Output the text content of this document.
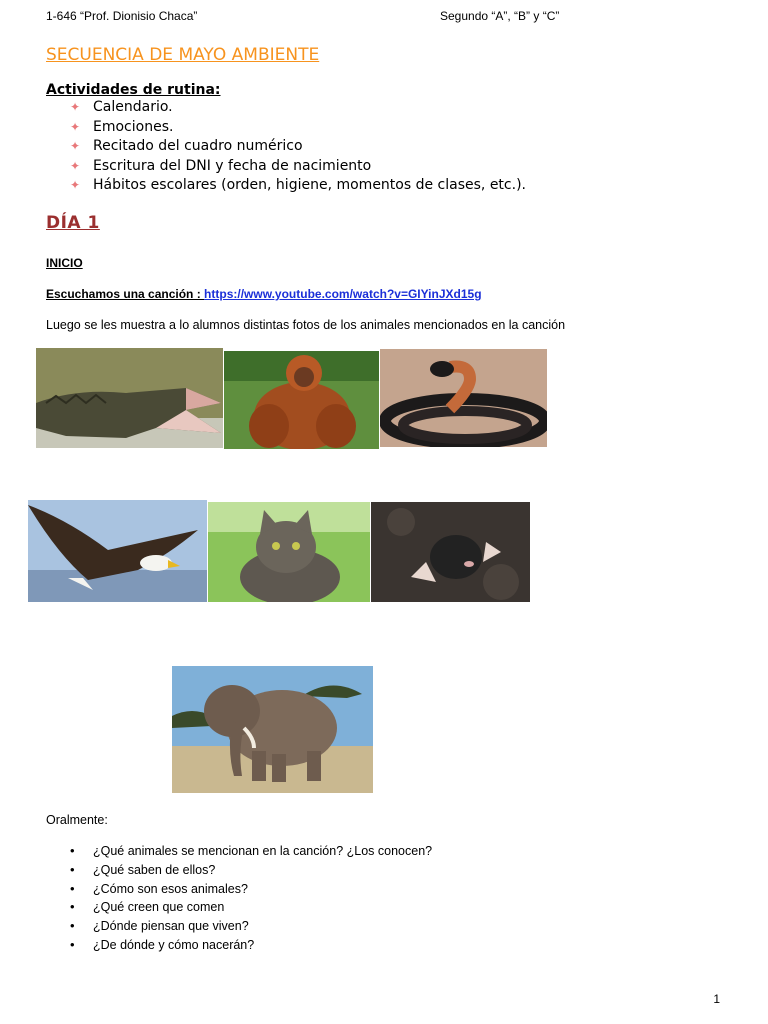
1-646 “Prof. Dionisio Chaca”	Segundo “A”, “B” y “C”
SECUENCIA DE MAYO AMBIENTE
Actividades de rutina:
✦ Calendario.
✦ Emociones.
✦ Recitado del cuadro numérico
✦ Escritura del DNI y fecha de nacimiento
✦ Hábitos escolares (orden, higiene, momentos de clases, etc.).
DÍA 1
INICIO
Escuchamos una canción : https://www.youtube.com/watch?v=GIYinJXd15g
Luego se les muestra a lo alumnos distintas fotos de los animales mencionados en la canción
Oralmente:
•	¿Qué animales se mencionan en la canción? ¿Los conocen?
•	¿Qué saben de ellos?
•	¿Cómo son esos animales?
•	¿Qué creen que comen
•	¿Dónde piensan que viven?
•	¿De dónde y cómo nacerán?
1
